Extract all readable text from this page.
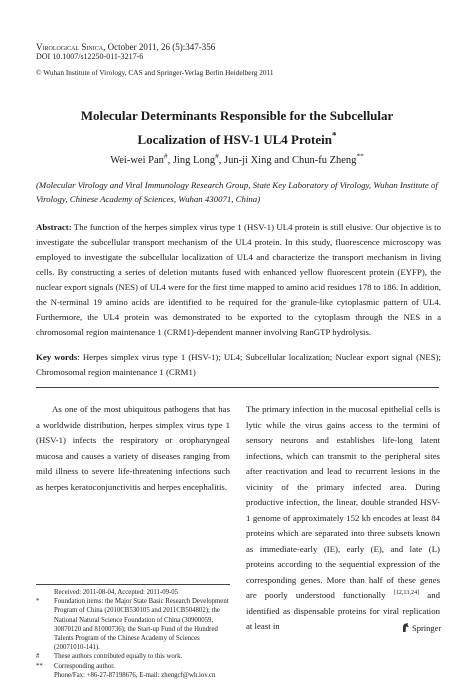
Virological Sinica, October 2011, 26 (5):347-356
DOI 10.1007/s12250-011-3217-6
© Wuhan Institute of Virology, CAS and Springer-Verlag Berlin Heidelberg 2011
Molecular Determinants Responsible for the Subcellular
Localization of HSV-1 UL4 Protein*
Wei-wei Pan#, Jing Long#, Jun-ji Xing and Chun-fu Zheng**
(Molecular Virology and Viral Immunology Research Group, State Key Laboratory of Virology, Wuhan Institute of Virology, Chinese Academy of Sciences, Wuhan 430071, China)
Abstract: The function of the herpes simplex virus type 1 (HSV-1) UL4 protein is still elusive. Our objective is to investigate the subcellular transport mechanism of the UL4 protein. In this study, fluorescence microscopy was employed to investigate the subcellular localization of UL4 and characterize the transport mechanism in living cells. By constructing a series of deletion mutants fused with enhanced yellow fluorescent protein (EYFP), the nuclear export signals (NES) of UL4 were for the first time mapped to amino acid residues 178 to 186. In addition, the N-terminal 19 amino acids are identified to be required for the granule-like cytoplasmic pattern of UL4. Furthermore, the UL4 protein was demonstrated to be exported to the cytoplasm through the NES in a chromosomal region maintenance 1 (CRM1)-dependent manner involving RanGTP hydrolysis.
Key words: Herpes simplex virus type 1 (HSV-1); UL4; Subcellular localization; Nuclear export signal (NES); Chromosomal region maintenance 1 (CRM1)
As one of the most ubiquitous pathogens that has a worldwide distribution, herpes simplex virus type 1 (HSV-1) infects the respiratory or oropharyngeal mucosa and causes a variety of diseases ranging from mild illness to severe life-threatening infections such as herpes keratoconjunctivitis and herpes encephalitis.
The primary infection in the mucosal epithelial cells is lytic while the virus gains access to the termini of sensory neurons and establishes life-long latent infections, which can transmit to the peripheral sites after reactivation and lead to recurrent lesions in the vicinity of the primary infected area. During productive infection, the linear, double stranded HSV-1 genome of approximately 152 kb encodes at least 84 proteins which are separated into three subsets known as immediate-early (IE), early (E), and late (L) proteins according to the sequential expression of the corresponding genes. More than half of these genes are poorly understood functionally [12,13,24] and identified as dispensable proteins for viral replication at least in
Received: 2011-08-04, Accepted: 2011-09-05
*	Foundation items: the Major State Basic Research Development Program of China (2010CB530105 and 2011CB504802); the National Natural Science Foundation of China (30900059, 30870120 and 81000736); the Start-up Fund of the Hundred Talents Program of the Chinese Academy of Sciences (20071010-141).
#	These authors contributed equally to this work.
**	Corresponding author.
Phone/Fax: +86-27-87198676, E-mail: zhengcf@wh.iov.cn
Springer
